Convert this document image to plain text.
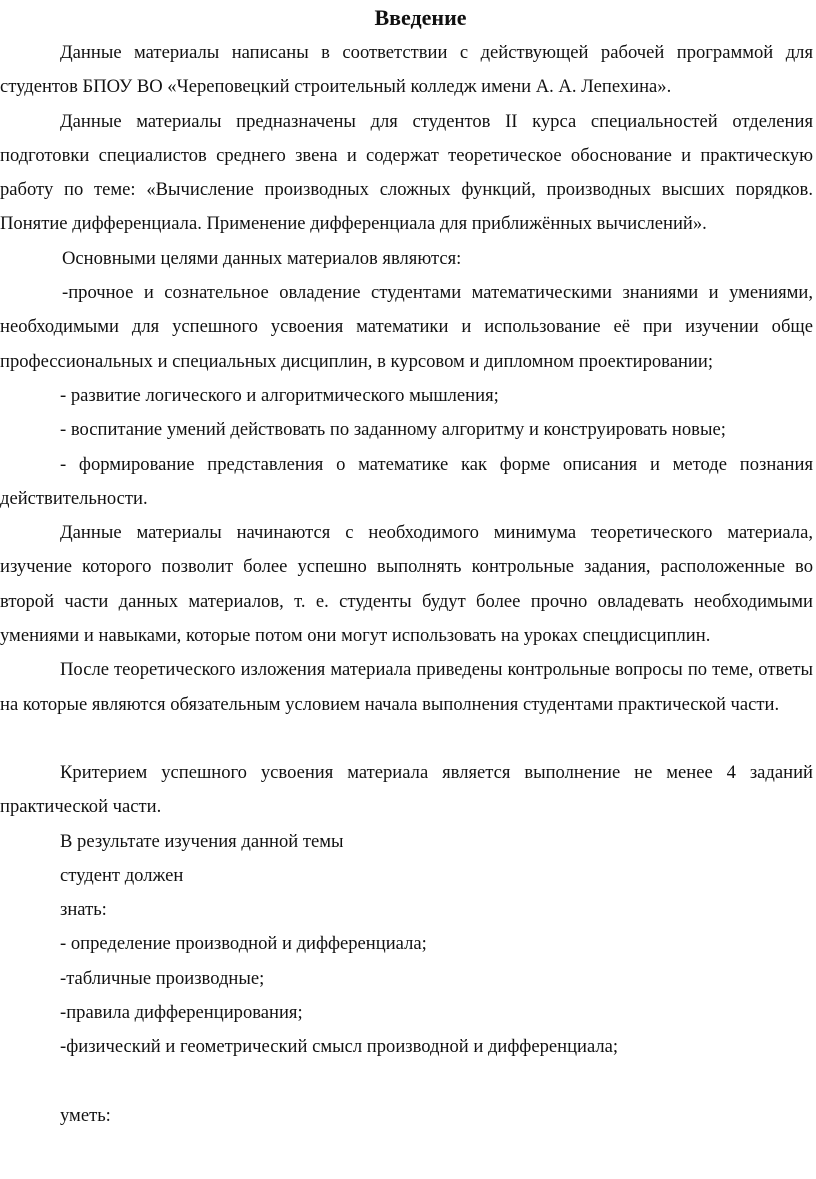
Введение

Данные материалы написаны в соответствии с действующей рабочей программой для студентов БПОУ ВО «Череповецкий строительный колледж имени А. А. Лепехина».

Данные материалы предназначены для студентов II курса специальностей отделения подготовки специалистов среднего звена и содержат теоретическое обоснование и практическую работу по теме: «Вычисление производных сложных функций, производных высших порядков. Понятие дифференциала. Применение дифференциала для приближённых вычислений».

Основными целями данных материалов являются:

-прочное и сознательное овладение студентами математическими знаниями и умениями, необходимыми для успешного усвоения математики и использование её при изучении обще профессиональных и специальных дисциплин, в курсовом и дипломном проектировании;

- развитие логического и алгоритмического мышления;

- воспитание умений действовать по заданному алгоритму и конструировать новые;

- формирование представления о математике как форме описания и методе познания действительности.

Данные материалы начинаются с необходимого минимума теоретического материала, изучение которого позволит более успешно выполнять контрольные задания, расположенные во второй части данных материалов, т. е. студенты будут более прочно овладевать необходимыми умениями и навыками, которые потом они могут использовать на уроках спецдисциплин.

После теоретического изложения материала приведены контрольные вопросы по теме, ответы на которые являются обязательным условием начала выполнения студентами практической части.

Критерием успешного усвоения материала является выполнение не менее 4 заданий практической части.

В результате изучения данной темы
студент должен
знать:
- определение производной и дифференциала;
-табличные производные;
-правила дифференцирования;
-физический и геометрический смысл производной и дифференциала;
уметь:
